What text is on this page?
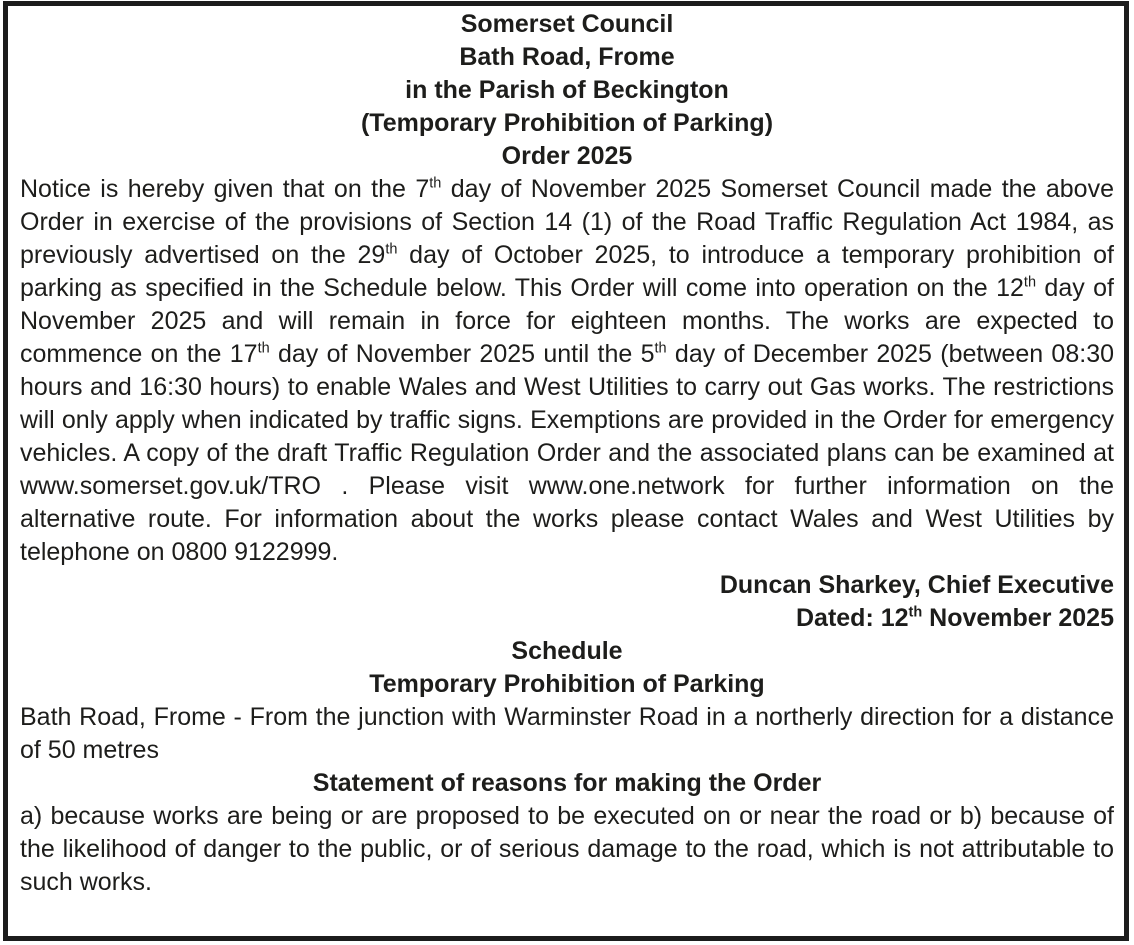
Somerset Council
Bath Road, Frome
in the Parish of Beckington
(Temporary Prohibition of Parking)
Order 2025

Notice is hereby given that on the 7th day of November 2025 Somerset Council made the above Order in exercise of the provisions of Section 14 (1) of the Road Traffic Regulation Act 1984, as previously advertised on the 29th day of October 2025, to introduce a temporary prohibition of parking as specified in the Schedule below. This Order will come into operation on the 12th day of November 2025 and will remain in force for eighteen months. The works are expected to commence on the 17th day of November 2025 until the 5th day of December 2025 (between 08:30 hours and 16:30 hours) to enable Wales and West Utilities to carry out Gas works. The restrictions will only apply when indicated by traffic signs. Exemptions are provided in the Order for emergency vehicles. A copy of the draft Traffic Regulation Order and the associated plans can be examined at www.somerset.gov.uk/TRO . Please visit www.one.network for further information on the alternative route. For information about the works please contact Wales and West Utilities by telephone on 0800 9122999.

Duncan Sharkey, Chief Executive
Dated: 12th November 2025
Schedule
Temporary Prohibition of Parking

Bath Road, Frome - From the junction with Warminster Road in a northerly direction for a distance of 50 metres

Statement of reasons for making the Order

a) because works are being or are proposed to be executed on or near the road or b) because of the likelihood of danger to the public, or of serious damage to the road, which is not attributable to such works.
